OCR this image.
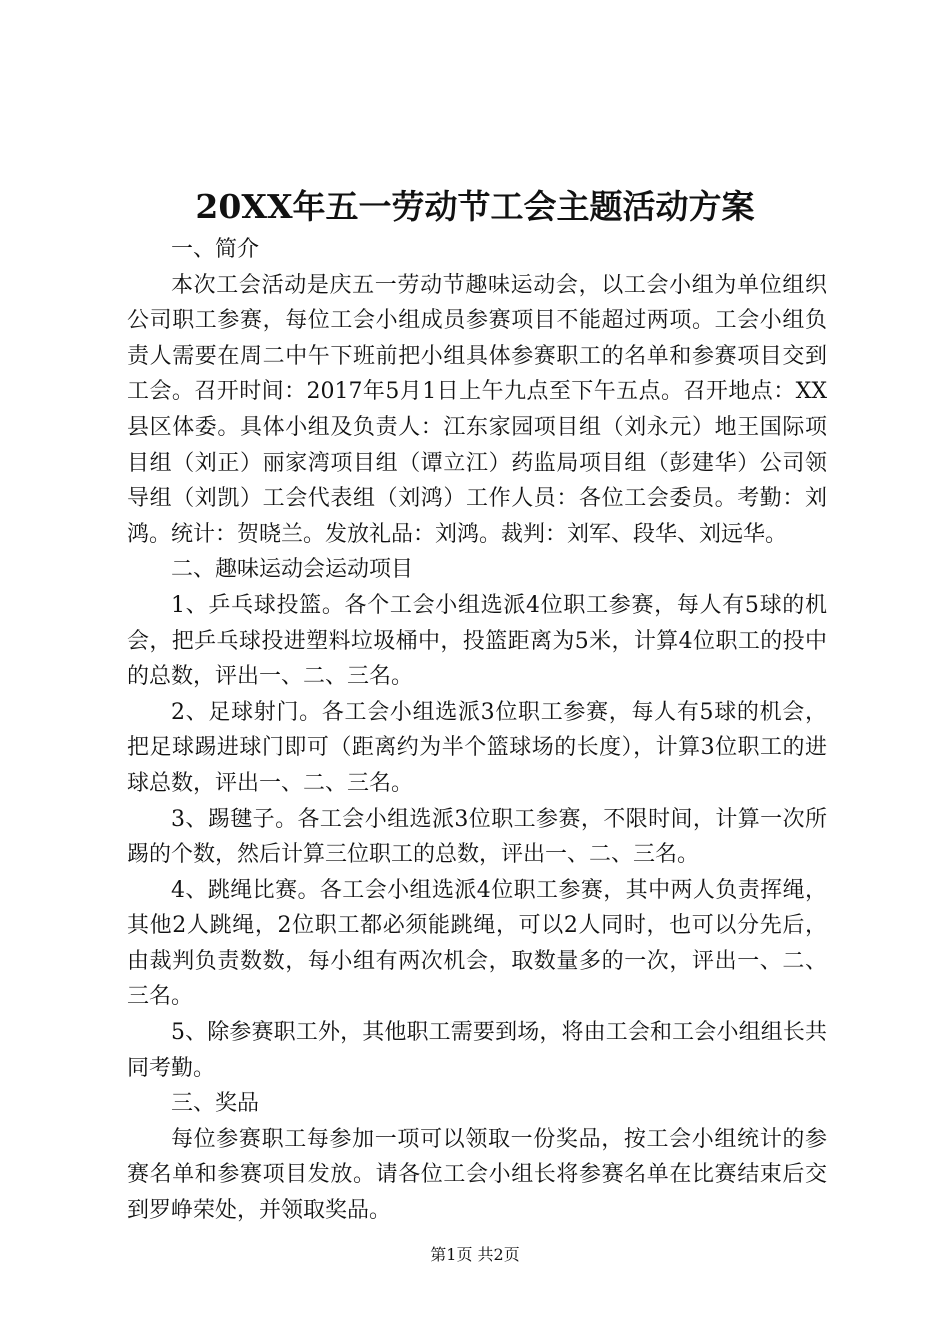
20XX年五一劳动节工会主题活动方案

一、简介

本次工会活动是庆五一劳动节趣味运动会，以工会小组为单位组织公司职工参赛，每位工会小组成员参赛项目不能超过两项。工会小组负责人需要在周二中午下班前把小组具体参赛职工的名单和参赛项目交到工会。召开时间：2017年5月1日上午九点至下午五点。召开地点：XX县区体委。具体小组及负责人：江东家园项目组（刘永元）地王国际项目组（刘正）丽家湾项目组（谭立江）药监局项目组（彭建华）公司领导组（刘凯）工会代表组（刘鸿）工作人员：各位工会委员。考勤：刘鸿。统计：贺晓兰。发放礼品：刘鸿。裁判：刘军、段华、刘远华。

二、趣味运动会运动项目

1、乒乓球投篮。各个工会小组选派4位职工参赛，每人有5球的机会，把乒乓球投进塑料垃圾桶中，投篮距离为5米，计算4位职工的投中的总数，评出一、二、三名。

2、足球射门。各工会小组选派3位职工参赛，每人有5球的机会，把足球踢进球门即可（距离约为半个篮球场的长度），计算3位职工的进球总数，评出一、二、三名。

3、踢毽子。各工会小组选派3位职工参赛，不限时间，计算一次所踢的个数，然后计算三位职工的总数，评出一、二、三名。

4、跳绳比赛。各工会小组选派4位职工参赛，其中两人负责挥绳，其他2人跳绳，2位职工都必须能跳绳，可以2人同时，也可以分先后，由裁判负责数数，每小组有两次机会，取数量多的一次，评出一、二、三名。

5、除参赛职工外，其他职工需要到场，将由工会和工会小组组长共同考勤。

三、奖品

每位参赛职工每参加一项可以领取一份奖品，按工会小组统计的参赛名单和参赛项目发放。请各位工会小组长将参赛名单在比赛结束后交到罗峥荣处，并领取奖品。

第1页 共2页
